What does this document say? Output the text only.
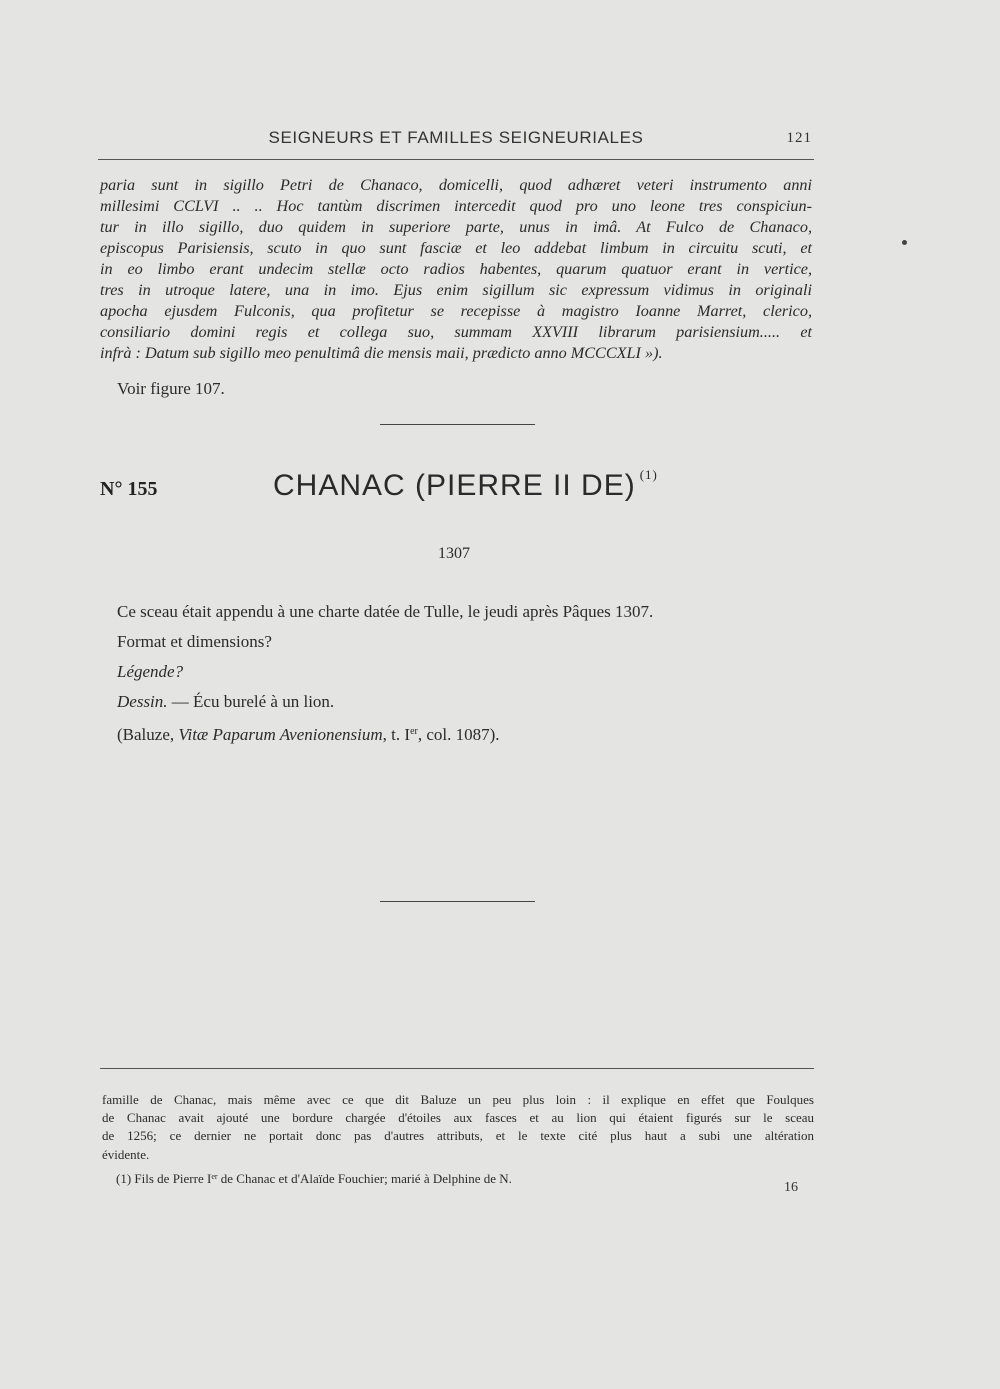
SEIGNEURS ET FAMILLES SEIGNEURIALES	121

paria sunt in sigillo Petri de Chanaco, domicelli, quod adhæret veteri instrumento anni

millesimi CCLVI .. .. Hoc tantùm discrimen intercedit quod pro uno leone tres conspiciun-

tur in illo sigillo, duo quidem in superiore parte, unus in imâ. At Fulco de Chanaco,

episcopus Parisiensis, scuto in quo sunt fasciæ et leo addebat limbum in circuitu scuti, et

in eo limbo erant undecim stellæ octo radios habentes, quarum quatuor erant in vertice,

tres in utroque latere, una in imo. Ejus enim sigillum sic expressum vidimus in originali

apocha ejusdem Fulconis, qua profitetur se recepisse à magistro Ioanne Marret, clerico,

consiliario domini regis et collega suo, summam XXVIII librarum parisiensium..... et

infrà : Datum sub sigillo meo penultimâ die mensis maii, prædicto anno MCCCXLI »).

Voir figure 107.
N° 155	CHANAC (PIERRE II DE) $^{(1)}$
1307
Ce sceau était appendu à une charte datée de Tulle, le jeudi après Pâques 1307.
Format et dimensions?
Légende?
Dessin. — Écu burelé à un lion.
(Baluze, Vitæ Paparum Avenionensium, t. Ier, col. 1087).

famille de Chanac, mais même avec ce que dit Baluze un peu plus loin : il explique en effet que Foulques

de Chanac avait ajouté une bordure chargée d'étoiles aux fasces et au lion qui étaient figurés sur le sceau

de 1256; ce dernier ne portait donc pas d'autres attributs, et le texte cité plus haut a subi une altération

évidente.

(1) Fils de Pierre Ier de Chanac et d'Alaïde Fouchier; marié à Delphine de N.

16
